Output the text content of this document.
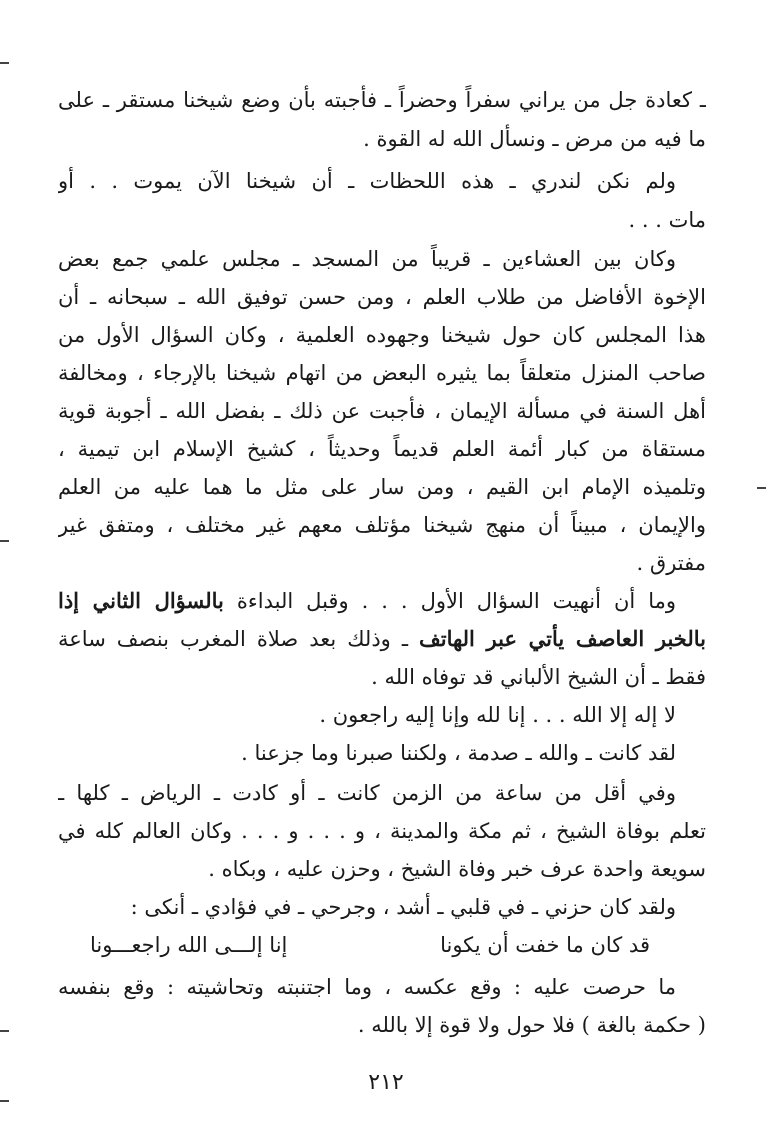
ـ كعادة جل من يراني سفراً وحضراً ـ فأجبته بأن وضع شيخنا مستقر ـ على
ما فيه من مرض ـ ونسأل الله له القوة .
ولم نكن لندري ـ هذه اللحظات ـ أن شيخنا الآن يموت . . أو
مات . . .
وكان بين العشاءين ـ قريباً من المسجد ـ مجلس علمي جمع بعض
الإخوة الأفاضل من طلاب العلم ، ومن حسن توفيق الله ـ سبحانه ـ أن
هذا المجلس كان حول شيخنا وجهوده العلمية ، وكان السؤال الأول من
صاحب المنزل متعلقاً بما يثيره البعض من اتهام شيخنا بالإرجاء ، ومخالفة
أهل السنة في مسألة الإيمان ، فأجبت عن ذلك ـ بفضل الله ـ أجوبة قوية
مستقاة من كبار أئمة العلم قديماً وحديثاً ، كشيخ الإسلام ابن تيمية ،
وتلميذه الإمام ابن القيم ، ومن سار على مثل ما هما عليه من العلم
والإيمان ، مبيناً أن منهج شيخنا مؤتلف معهم غير مختلف ، ومتفق غير
مفترق .
وما أن أنهيت السؤال الأول . . . وقبل البداءة بالسؤال الثاني إذا
بالخبر العاصف يأتي عبر الهاتف ـ وذلك بعد صلاة المغرب بنصف ساعة
فقط ـ أن الشيخ الألباني قد توفاه الله .
لا إله إلا الله . . . إنا لله وإنا إليه راجعون .
لقد كانت ـ والله ـ صدمة ، ولكننا صبرنا وما جزعنا .
وفي أقل من ساعة من الزمن كانت ـ أو كادت ـ الرياض ـ كلها ـ
تعلم بوفاة الشيخ ، ثم مكة والمدينة ، و . . . و . . . وكان العالم كله في
سويعة واحدة عرف خبر وفاة الشيخ ، وحزن عليه ، وبكاه .
ولقد كان حزني ـ في قلبي ـ أشد ، وجرحي ـ في فؤادي ـ أنكى :
قد كان ما خفت أن يكونا
إنا إلـــى الله راجعـــونا
ما حرصت عليه : وقع عكسه ، وما اجتنبته وتحاشيته : وقع بنفسه
( حكمة بالغة ) فلا حول ولا قوة إلا بالله .
٢١٢
